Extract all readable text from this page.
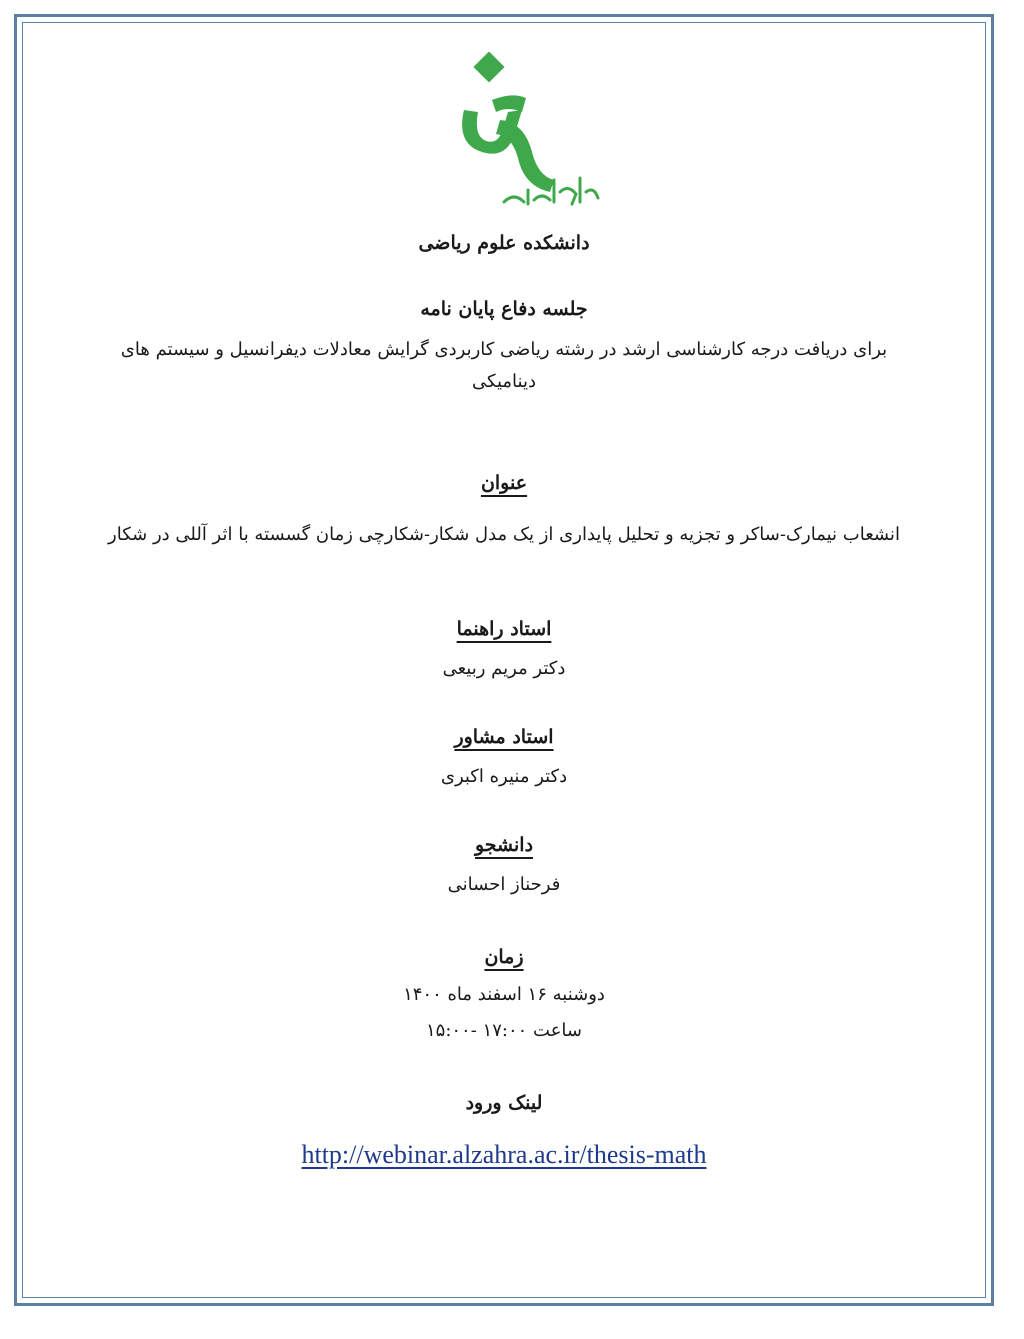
دانشکده علوم ریاضی
جلسه دفاع پایان نامه
برای دریافت درجه کارشناسی ارشد در رشته ریاضی کاربردی گرایش معادلات دیفرانسیل و سیستم های دینامیکی
عنوان
انشعاب نیمارک-ساکر و تجزیه و تحلیل پایداری از یک مدل شکار-شکارچی زمان گسسته با اثر آللی در شکار
استاد راهنما
دکتر مریم ربیعی
استاد مشاور
دکتر منیره اکبری
دانشجو
فرحناز احسانی
زمان
دوشنبه ۱۶ اسفند ماه ۱۴۰۰
ساعت ۱۷:۰۰ -۱۵:۰۰
لینک ورود
http://webinar.alzahra.ac.ir/thesis-math
